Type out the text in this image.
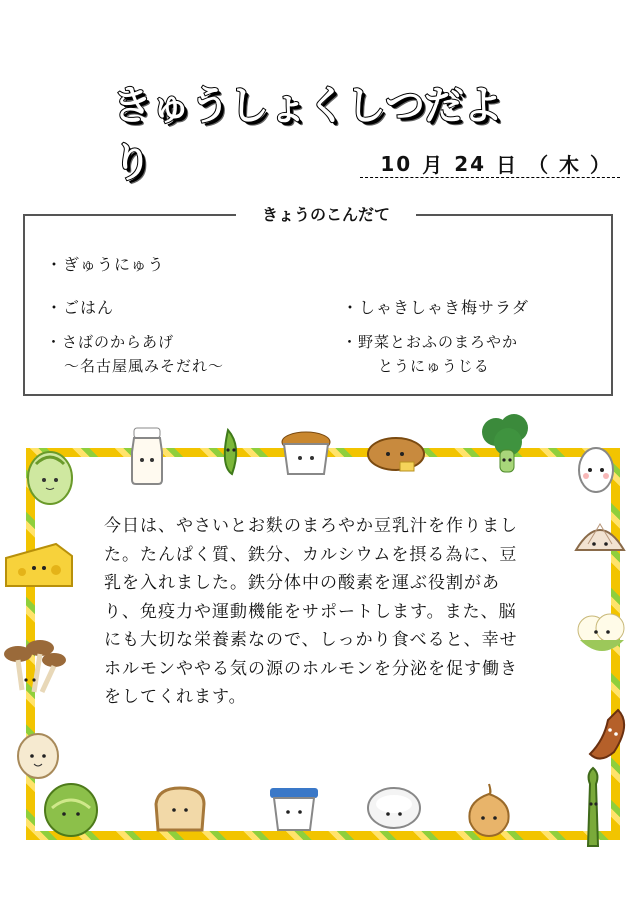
きゅうしょくしつだより	10 月 24 日 （ 木 ）
きょうのこんだて
・ぎゅうにゅう
・ごはん
・さばのからあげ
〜名古屋風みそだれ〜
・しゃきしゃき梅サラダ
・野菜とおふのまろやか
とうにゅうじる
今日は、やさいとお麩のまろやか豆乳汁を作りました。たんぱく質、鉄分、カルシウムを摂る為に、豆乳を入れました。鉄分体中の酸素を運ぶ役割があり、免疫力や運動機能をサポートします。また、脳にも大切な栄養素なので、しっかり食べると、幸せホルモンややる気の源のホルモンを分泌を促す働きをしてくれます。
